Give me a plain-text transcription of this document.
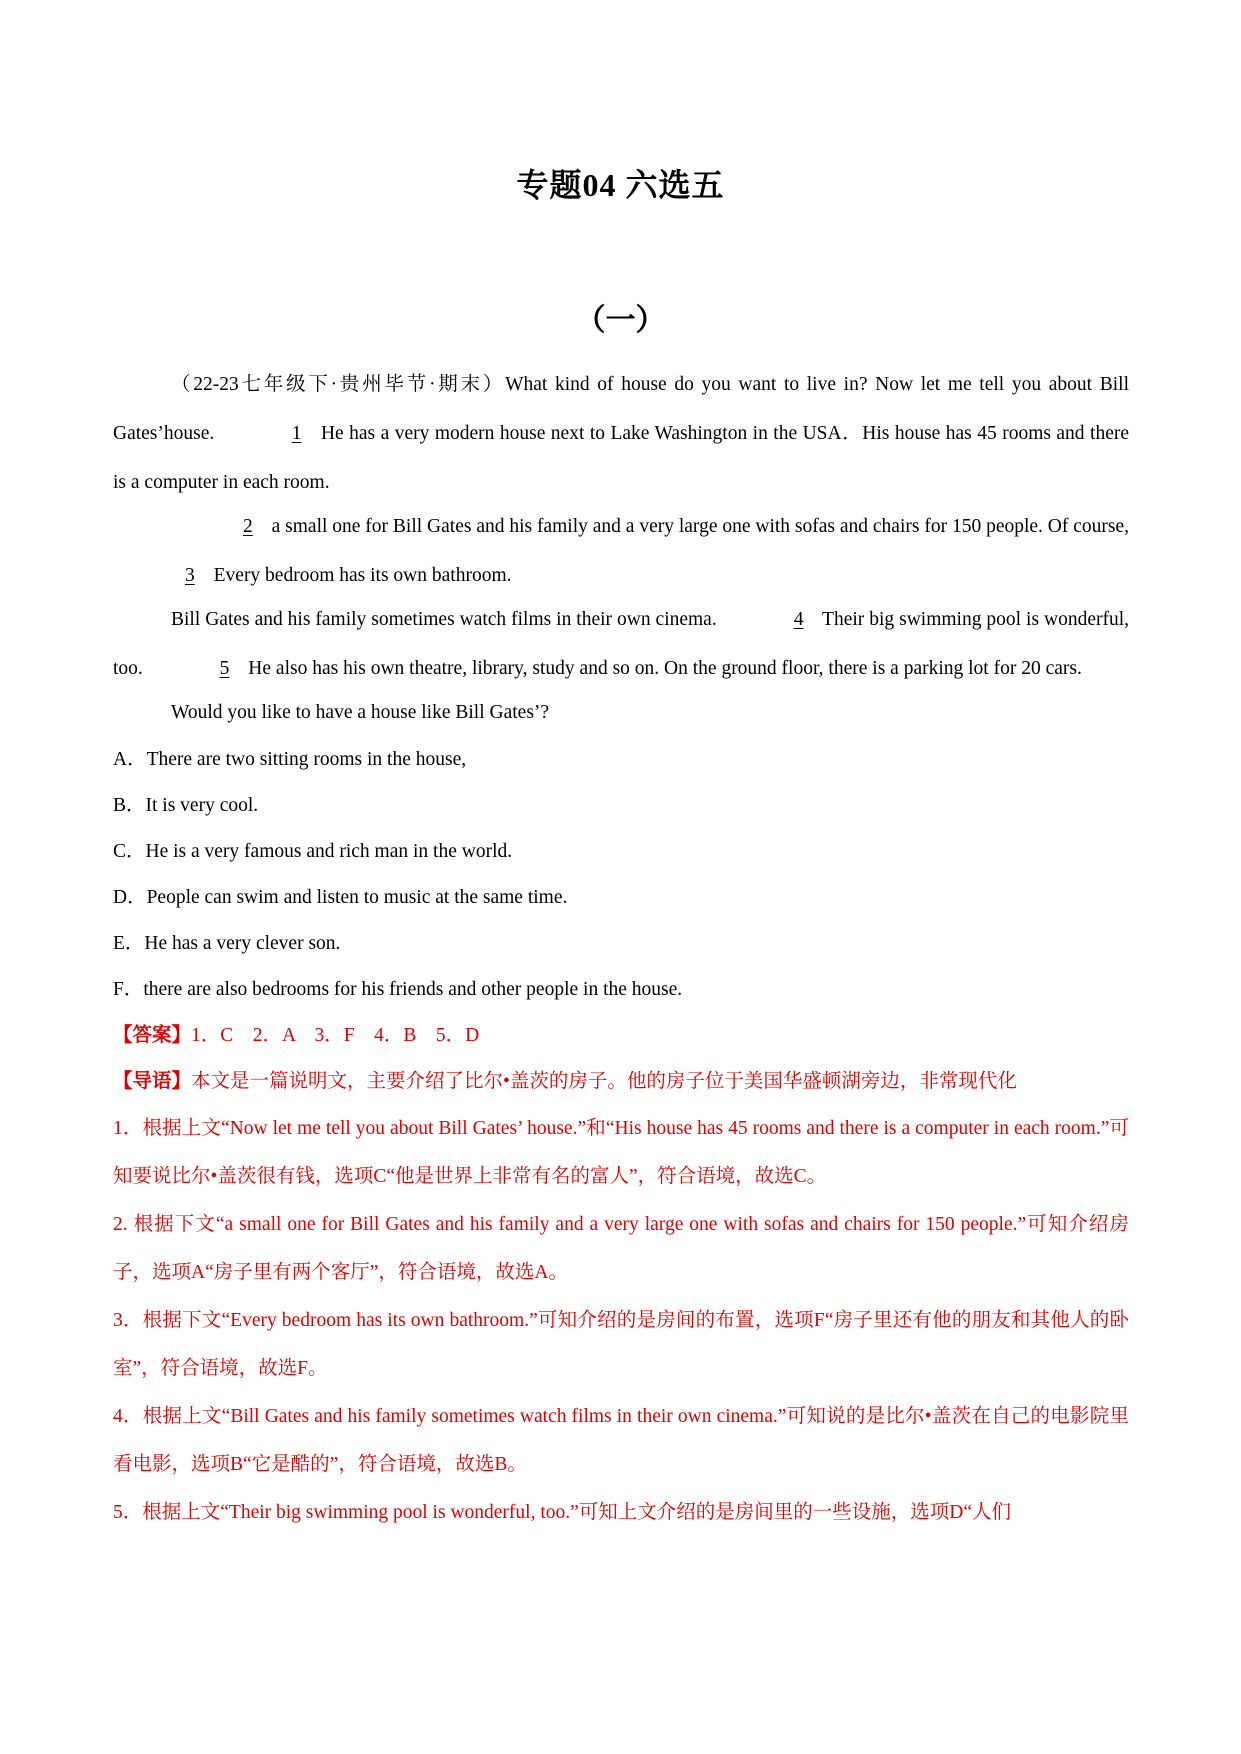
专题04 六选五
（一）

（22-23七年级下·贵州毕节·期末）What kind of house do you want to live in? Now let me tell you about Bill Gates’house.	1 He has a very modern house next to Lake Washington in the USA．His house has 45 rooms and there is a computer in each room.

2 a small one for Bill Gates and his family and a very large one with sofas and chairs for 150 people. Of course, 3 Every bedroom has its own bathroom.

Bill Gates and his family sometimes watch films in their own cinema.	4 Their big swimming pool is wonderful, too.	5 He also has his own theatre, library, study and so on. On the ground floor, there is a parking lot for 20 cars.

Would you like to have a house like Bill Gates’?

A．There are two sitting rooms in the house,

B．It is very cool.

C．He is a very famous and rich man in the world.

D．People can swim and listen to music at the same time.

E．He has a very clever son.

F．there are also bedrooms for his friends and other people in the house.

【答案】1．C　2．A　3．F　4．B　5．D

【导语】本文是一篇说明文，主要介绍了比尔•盖茨的房子。他的房子位于美国华盛顿湖旁边，非常现代化

1．根据上文“Now let me tell you about Bill Gates’ house.”和“His house has 45 rooms and there is a computer in each room.”可知要说比尔•盖茨很有钱，选项C“他是世界上非常有名的富人”，符合语境，故选C。

2. 根据下文“a small one for Bill Gates and his family and a very large one with sofas and chairs for 150 people.”可知介绍房子，选项A“房子里有两个客厅”，符合语境，故选A。

3．根据下文“Every bedroom has its own bathroom.”可知介绍的是房间的布置，选项F“房子里还有他的朋友和其他人的卧室”，符合语境，故选F。

4．根据上文“Bill Gates and his family sometimes watch films in their own cinema.”可知说的是比尔•盖茨在自己的电影院里看电影，选项B“它是酷的”，符合语境，故选B。

5．根据上文“Their big swimming pool is wonderful, too.”可知上文介绍的是房间里的一些设施，选项D“人们
